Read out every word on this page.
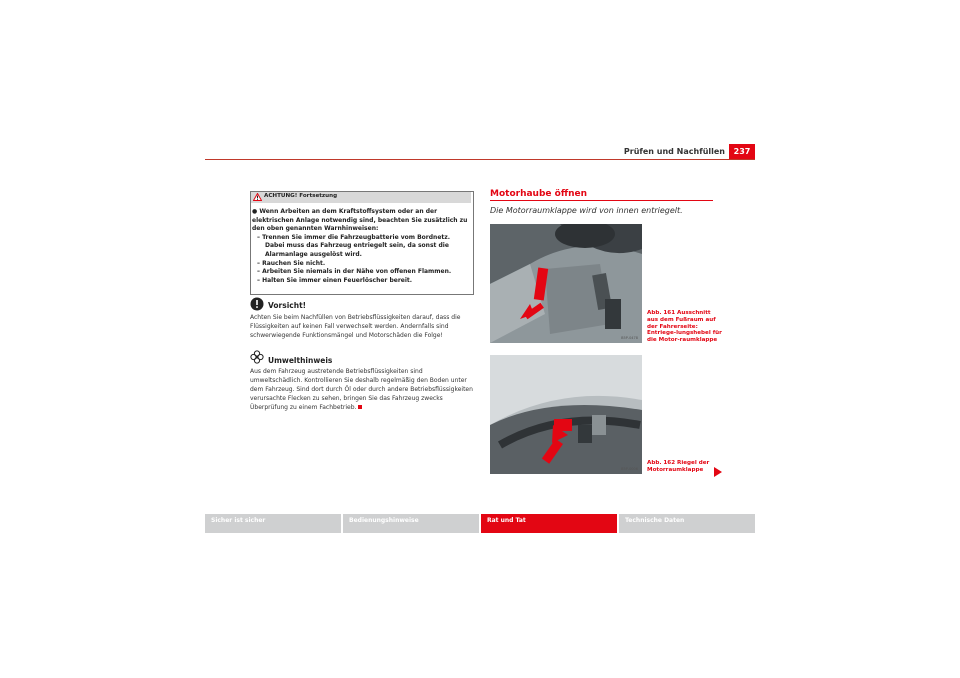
Prüfen und Nachfüllen	237
ACHTUNG! Fortsetzung
● Wenn Arbeiten an dem Kraftstoffsystem oder an der elektrischen Anlage notwendig sind, beachten Sie zusätzlich zu den oben genannten Warnhinweisen:
– Trennen Sie immer die Fahrzeugbatterie vom Bordnetz. Dabei muss das Fahrzeug entriegelt sein, da sonst die Alarmanlage ausgelöst wird.
– Rauchen Sie nicht.
– Arbeiten Sie niemals in der Nähe von offenen Flammen.
– Halten Sie immer einen Feuerlöscher bereit.
Vorsicht!
Achten Sie beim Nachfüllen von Betriebsflüssigkeiten darauf, dass die Flüssigkeiten auf keinen Fall verwechselt werden. Andernfalls sind schwerwiegende Funktionsmängel und Motorschäden die Folge!
Umwelthinweis
Aus dem Fahrzeug austretende Betriebsflüssigkeiten sind umweltschädlich. Kontrollieren Sie deshalb regelmäßig den Boden unter dem Fahrzeug. Sind dort durch Öl oder durch andere Betriebsflüssigkeiten verursachte Flecken zu sehen, bringen Sie das Fahrzeug zwecks Überprüfung zu einem Fachbetrieb.
Motorhaube öffnen
Die Motorraumklappe wird von innen entriegelt.
B5P-0478
Abb. 161 Ausschnitt aus dem Fußraum auf der Fahrerseite: Entriege-lungshebel für die Motor-raumklappe
B5P-0006
Abb. 162 Riegel der Motorraumklappe
Sicher ist sicher	Bedienungshinweise	Rat und Tat	Technische Daten
